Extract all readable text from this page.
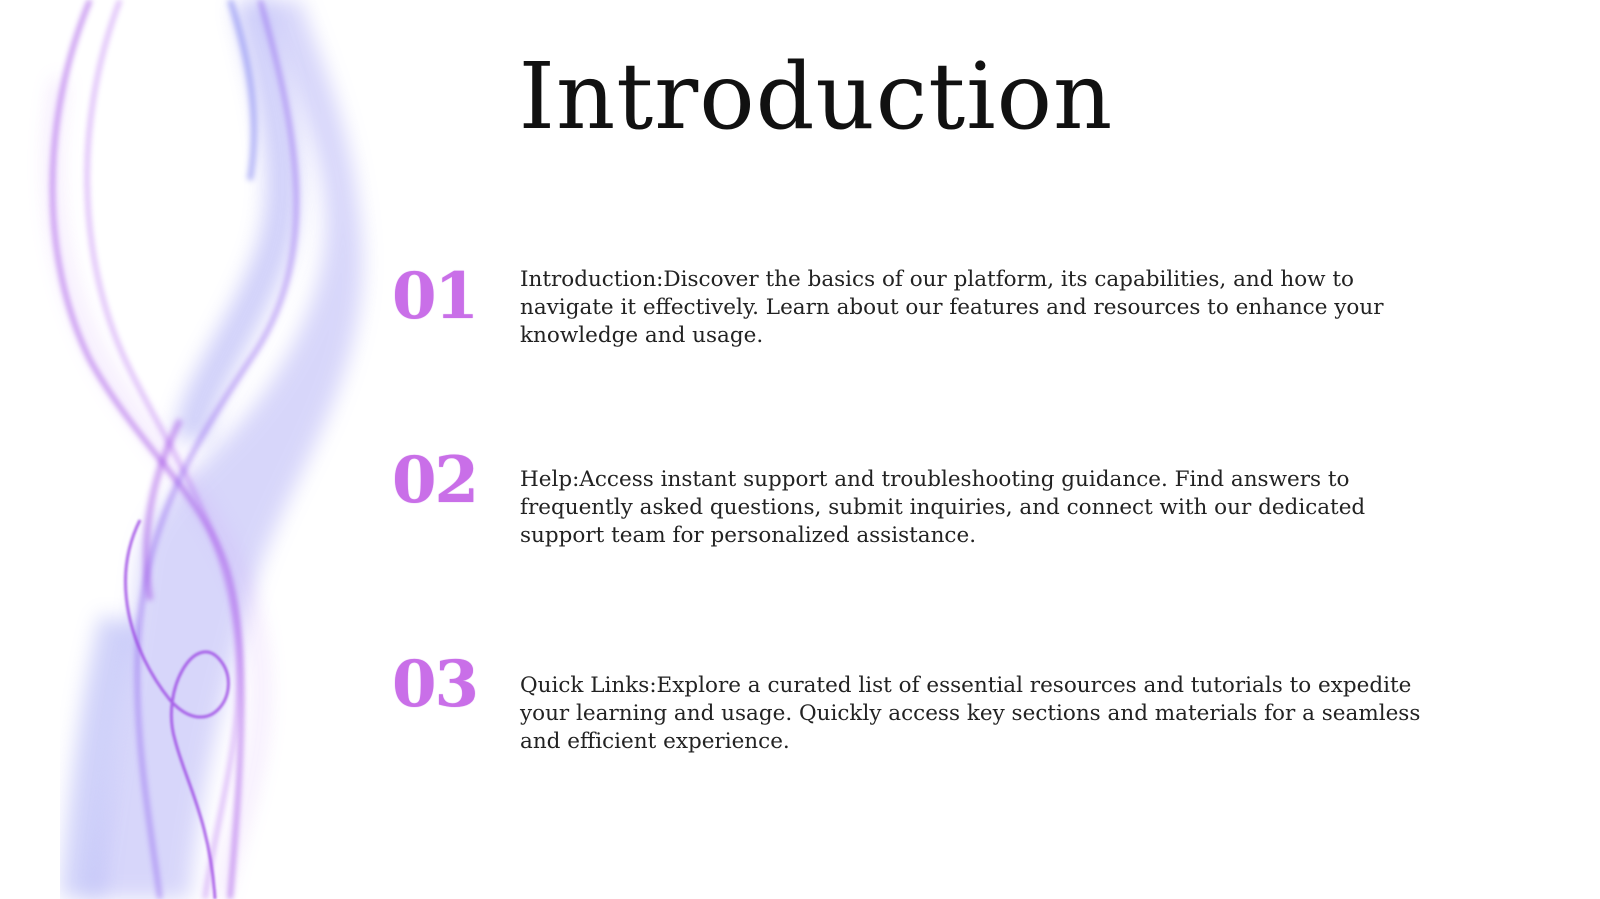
Introduction
01	Introduction:Discover the basics of our platform, its capabilities, and how to navigate it effectively. Learn about our features and resources to enhance your knowledge and usage.
02	Help:Access instant support and troubleshooting guidance. Find answers to frequently asked questions, submit inquiries, and connect with our dedicated support team for personalized assistance.
03	Quick Links:Explore a curated list of essential resources and tutorials to expedite your learning and usage. Quickly access key sections and materials for a seamless and efficient experience.
